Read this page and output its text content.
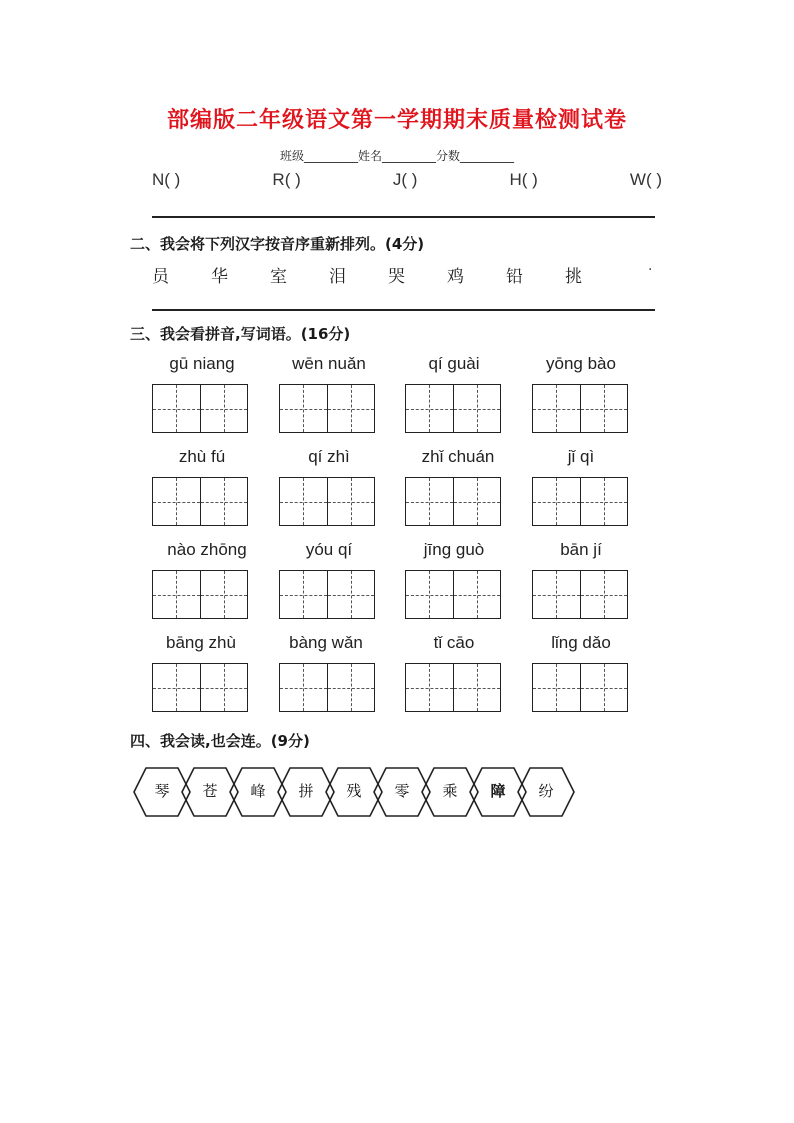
部编版二年级语文第一学期期末质量检测试卷
班级_________姓名_________分数_________
N( )	R( )	J( )	H( )	W( )
二、我会将下列汉字按音序重新排列。(4分)
员 华 室 泪 哭 鸡 铅 挑	·
三、我会看拼音,写词语。(16分)
gū niang	wēn nuǎn	qí guài	yōng bào
zhù fú	qí zhì	zhǐ chuán	jǐ qì
nào zhōng	yóu qí	jīng guò	bān jí
bāng zhù	bàng wǎn	tǐ cāo	lǐng dǎo
四、我会读,也会连。(9分)
琴	苍	峰	拼	残	零	乘	障	纷
